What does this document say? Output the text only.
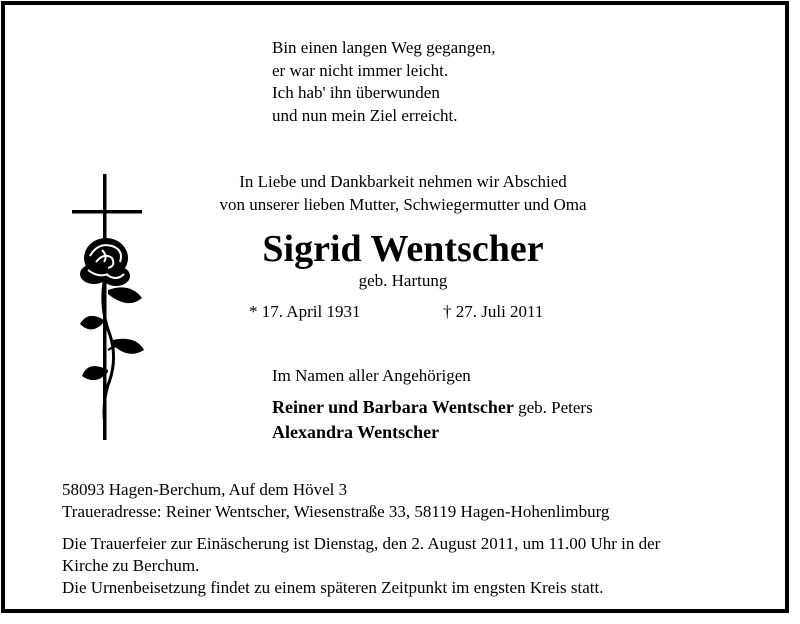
Bin einen langen Weg gegangen,
er war nicht immer leicht.
Ich hab' ihn überwunden
und nun mein Ziel erreicht.
In Liebe und Dankbarkeit nehmen wir Abschied
von unserer lieben Mutter, Schwiegermutter und Oma
Sigrid Wentscher
geb. Hartung
* 17. April 1931	† 27. Juli 2011
Im Namen aller Angehörigen
Reiner und Barbara Wentscher geb. Peters
Alexandra Wentscher
58093 Hagen-Berchum, Auf dem Hövel 3
Traueradresse: Reiner Wentscher, Wiesenstraße 33, 58119 Hagen-Hohenlimburg
Die Trauerfeier zur Einäscherung ist Dienstag, den 2. August 2011, um 11.00 Uhr in der
Kirche zu Berchum.
Die Urnenbeisetzung findet zu einem späteren Zeitpunkt im engsten Kreis statt.
